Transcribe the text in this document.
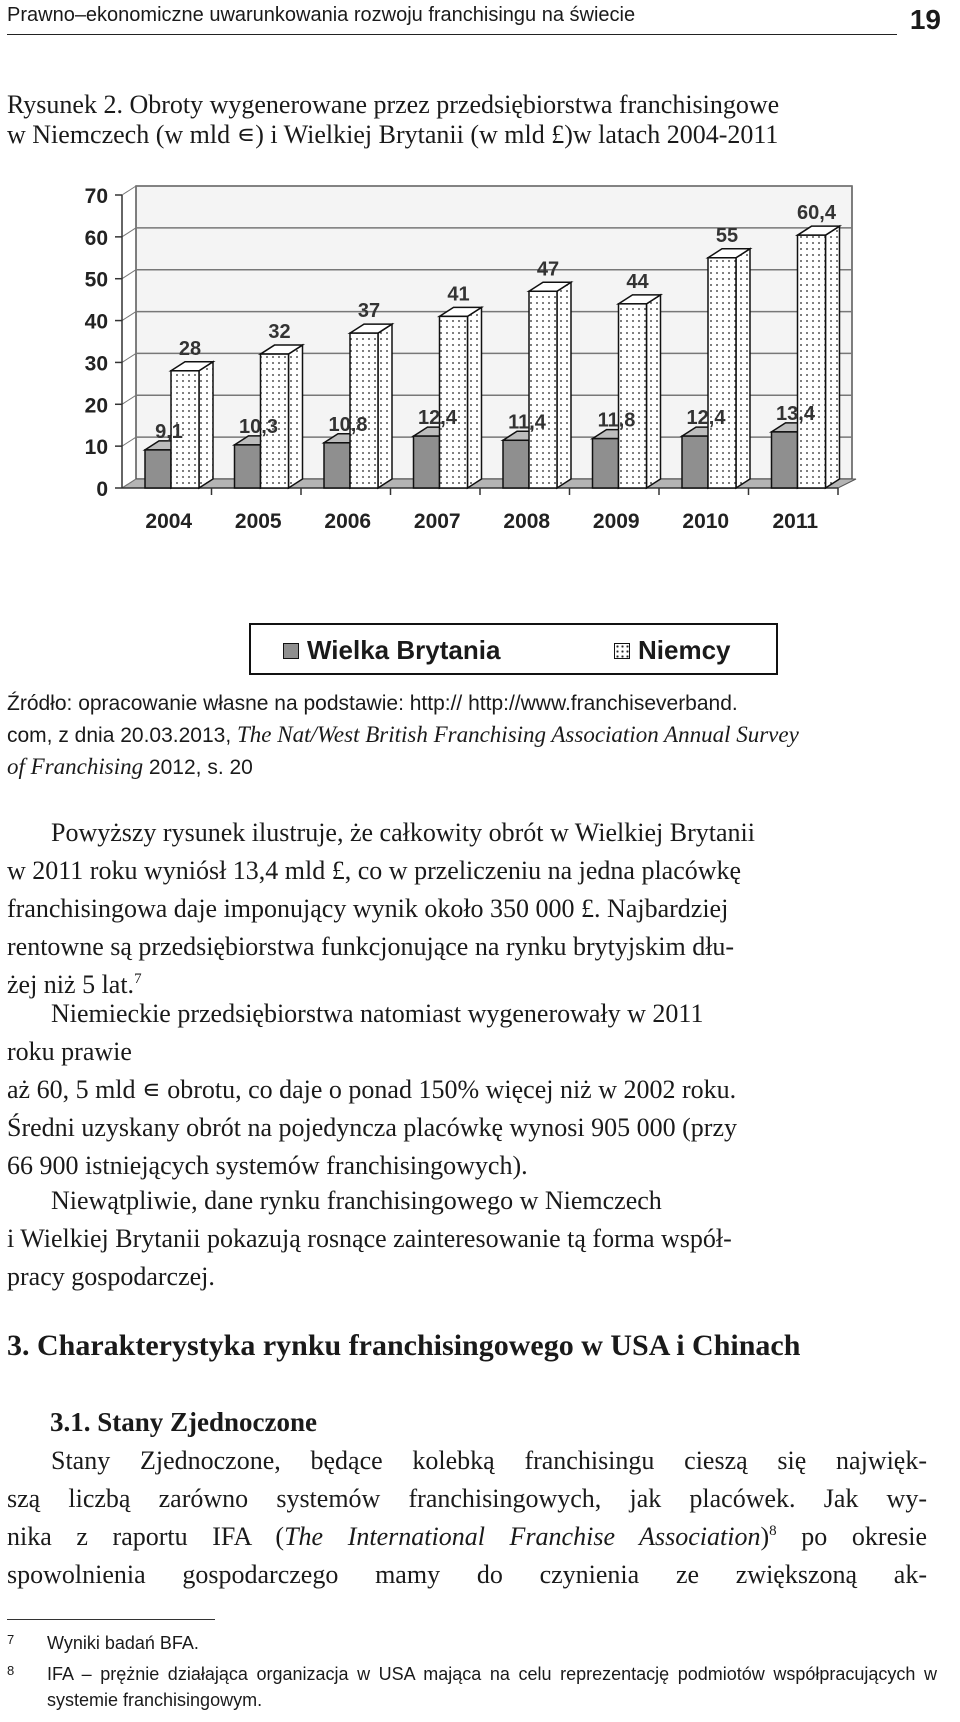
Prawno–ekonomiczne uwarunkowania rozwoju franchisingu na świecie	19
Rysunek 2. Obroty wygenerowane przez przedsiębiorstwa franchisingowe
w Niemczech (w mld ∊) i Wielkiej Brytanii (w mld £)w latach 2004-2011
0
10
20
30
40
50
60
70
9,1
28
2004
10,3
32
2005
10,8
37
2006
12,4
41
2007
11,4
47
2008
11,8
44
2009
12,4
55
2010
13,4
60,4
2011
Wielka Brytania	Niemcy
Źródło: opracowanie własne na podstawie: http:// http://www.franchiseverband.
com, z dnia 20.03.2013, The Nat/West British Franchising Association Annual Survey
of Franchising 2012, s. 20

Powyższy rysunek ilustruje, że całkowity obrót w Wielkiej Brytanii

w 2011 roku wyniósł 13,4 mld £, co w przeliczeniu na jedna placówkę

franchisingowa daje imponujący wynik około 350 000 £. Najbardziej

rentowne są przedsiębiorstwa funkcjonujące na rynku brytyjskim dłu-

żej niż 5 lat.$^7$

Niemieckie przedsiębiorstwa natomiast wygenerowały w 2011

roku prawie

aż 60, 5 mld ∊ obrotu, co daje o ponad 150% więcej niż w 2002 roku.

Średni uzyskany obrót na pojedyncza placówkę wynosi 905 000 (przy

66 900 istniejących systemów franchisingowych).

Niewątpliwie, dane rynku franchisingowego w Niemczech

i Wielkiej Brytanii pokazują rosnące zainteresowanie tą forma współ-

pracy gospodarczej.

3. Charakterystyka rynku franchisingowego w USA i Chinach
3.1. Stany Zjednoczone

Stany Zjednoczone, będące kolebką franchisingu cieszą się najwięk-

szą liczbą zarówno systemów franchisingowych, jak placówek. Jak wy-

nika z raportu IFA (The International Franchise Association)$^8$ po okresie

spowolnienia gospodarczego mamy do czynienia ze zwiększoną ak-

7 Wyniki badań BFA.
8 IFA – prężnie działająca organizacja w USA mająca na celu reprezentację podmiotów współpracujących w systemie franchisingowym.
